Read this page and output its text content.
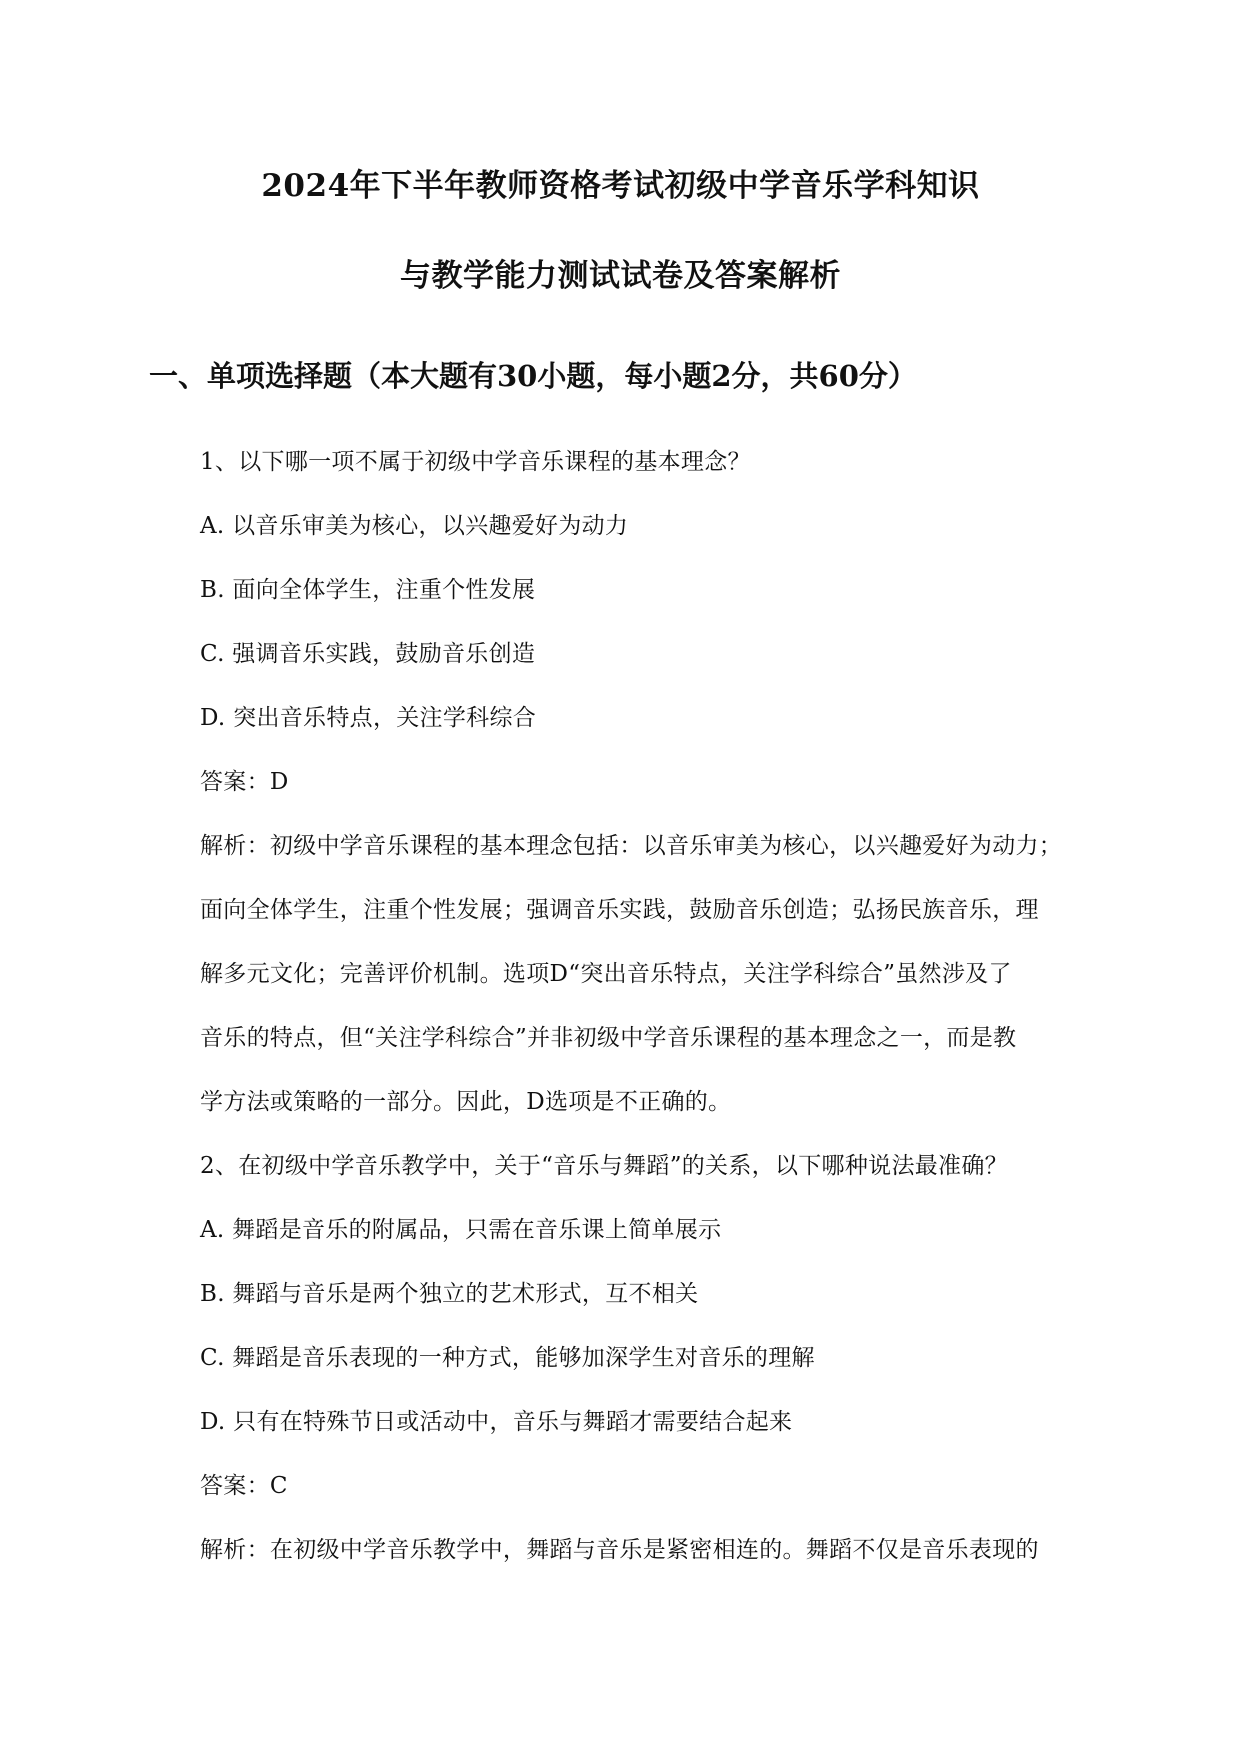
2024年下半年教师资格考试初级中学音乐学科知识
与教学能力测试试卷及答案解析
一、单项选择题（本大题有30小题，每小题2分，共60分）
1、以下哪一项不属于初级中学音乐课程的基本理念？
A. 以音乐审美为核心，以兴趣爱好为动力
B. 面向全体学生，注重个性发展
C. 强调音乐实践，鼓励音乐创造
D. 突出音乐特点，关注学科综合
答案：D
解析：初级中学音乐课程的基本理念包括：以音乐审美为核心，以兴趣爱好为动力；
面向全体学生，注重个性发展；强调音乐实践，鼓励音乐创造；弘扬民族音乐，理
解多元文化；完善评价机制。选项D“突出音乐特点，关注学科综合”虽然涉及了
音乐的特点，但“关注学科综合”并非初级中学音乐课程的基本理念之一，而是教
学方法或策略的一部分。因此，D选项是不正确的。
2、在初级中学音乐教学中，关于“音乐与舞蹈”的关系，以下哪种说法最准确？
A. 舞蹈是音乐的附属品，只需在音乐课上简单展示
B. 舞蹈与音乐是两个独立的艺术形式，互不相关
C. 舞蹈是音乐表现的一种方式，能够加深学生对音乐的理解
D. 只有在特殊节日或活动中，音乐与舞蹈才需要结合起来
答案：C
解析：在初级中学音乐教学中，舞蹈与音乐是紧密相连的。舞蹈不仅是音乐表现的
